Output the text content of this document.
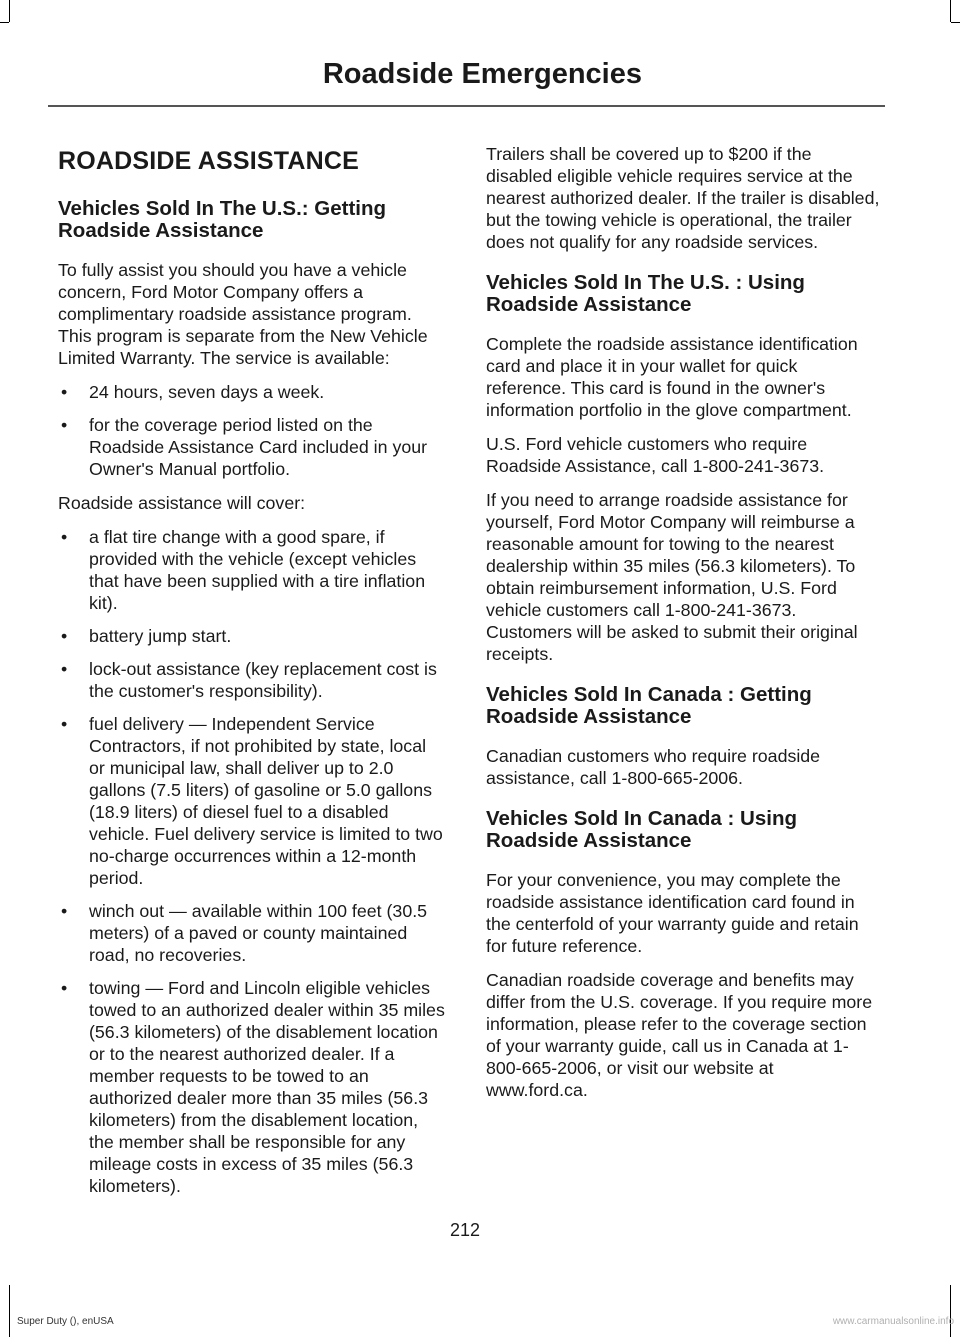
Roadside Emergencies
ROADSIDE ASSISTANCE
Vehicles Sold In The U.S.: Getting Roadside Assistance

To fully assist you should you have a vehicle concern, Ford Motor Company offers a complimentary roadside assistance program. This program is separate from the New Vehicle Limited Warranty. The service is available:

• 24 hours, seven days a week.
• for the coverage period listed on the Roadside Assistance Card included in your Owner's Manual portfolio.

Roadside assistance will cover:

• a flat tire change with a good spare, if provided with the vehicle (except vehicles that have been supplied with a tire inflation kit).
• battery jump start.
• lock-out assistance (key replacement cost is the customer's responsibility).
• fuel delivery — Independent Service Contractors, if not prohibited by state, local or municipal law, shall deliver up to 2.0 gallons (7.5 liters) of gasoline or 5.0 gallons (18.9 liters) of diesel fuel to a disabled vehicle. Fuel delivery service is limited to two no-charge occurrences within a 12-month period.
• winch out — available within 100 feet (30.5 meters) of a paved or county maintained road, no recoveries.
• towing — Ford and Lincoln eligible vehicles towed to an authorized dealer within 35 miles (56.3 kilometers) of the disablement location or to the nearest authorized dealer. If a member requests to be towed to an authorized dealer more than 35 miles (56.3 kilometers) from the disablement location, the member shall be responsible for any mileage costs in excess of 35 miles (56.3 kilometers).

Trailers shall be covered up to $200 if the disabled eligible vehicle requires service at the nearest authorized dealer. If the trailer is disabled, but the towing vehicle is operational, the trailer does not qualify for any roadside services.

Vehicles Sold In The U.S. : Using Roadside Assistance

Complete the roadside assistance identification card and place it in your wallet for quick reference. This card is found in the owner's information portfolio in the glove compartment.

U.S. Ford vehicle customers who require Roadside Assistance, call 1-800-241-3673.

If you need to arrange roadside assistance for yourself, Ford Motor Company will reimburse a reasonable amount for towing to the nearest dealership within 35 miles (56.3 kilometers). To obtain reimbursement information, U.S. Ford vehicle customers call 1-800-241-3673. Customers will be asked to submit their original receipts.

Vehicles Sold In Canada : Getting Roadside Assistance

Canadian customers who require roadside assistance, call 1-800-665-2006.

Vehicles Sold In Canada : Using Roadside Assistance

For your convenience, you may complete the roadside assistance identification card found in the centerfold of your warranty guide and retain for future reference.

Canadian roadside coverage and benefits may differ from the U.S. coverage. If you require more information, please refer to the coverage section of your warranty guide, call us in Canada at 1-800-665-2006, or visit our website at www.ford.ca.

212
Super Duty (), enUSA	www.carmanualsonline.info
